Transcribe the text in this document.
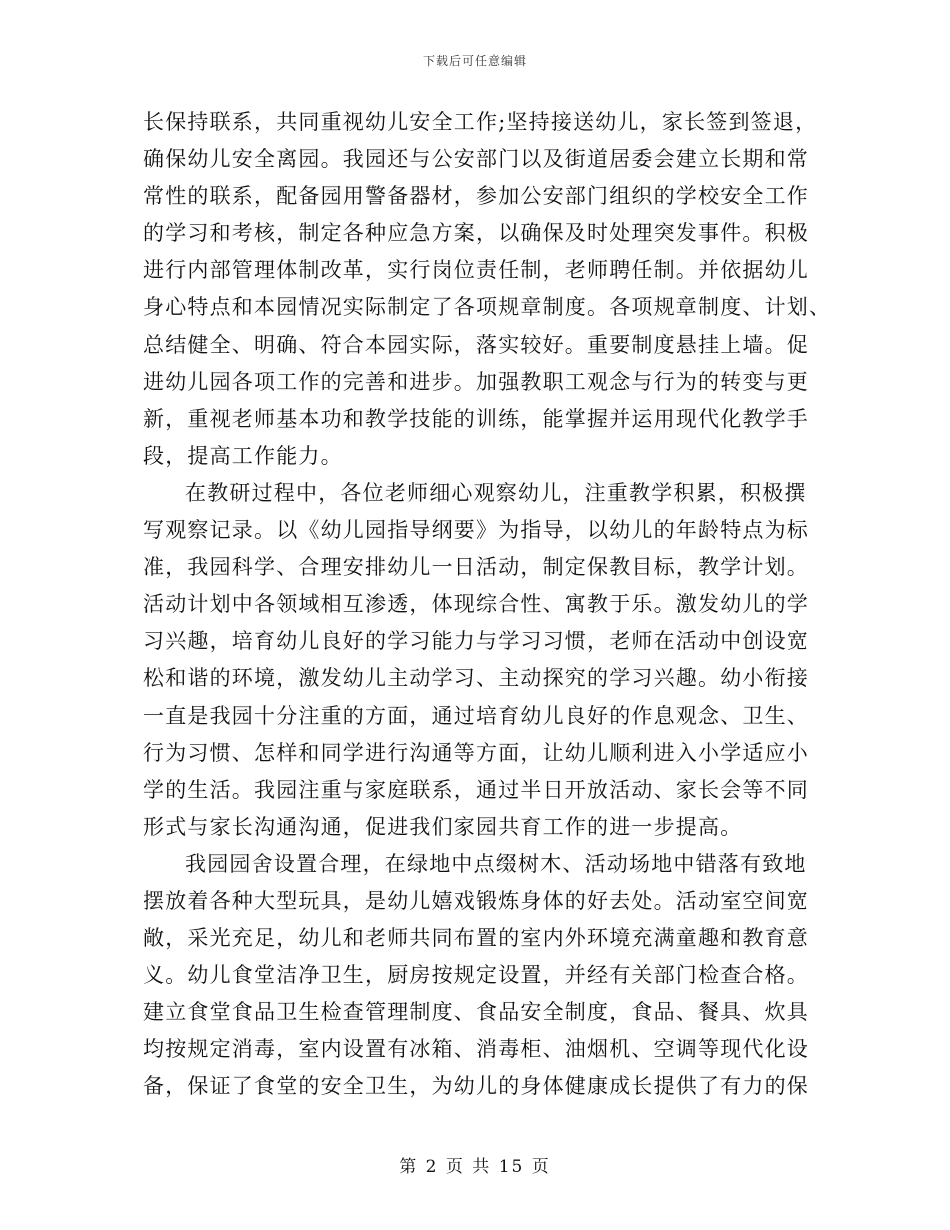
下载后可任意编辑
长保持联系，共同重视幼儿安全工作;坚持接送幼儿，家长签到签退，
确保幼儿安全离园。我园还与公安部门以及街道居委会建立长期和常
常性的联系，配备园用警备器材，参加公安部门组织的学校安全工作
的学习和考核，制定各种应急方案，以确保及时处理突发事件。积极
进行内部管理体制改革，实行岗位责任制，老师聘任制。并依据幼儿
身心特点和本园情况实际制定了各项规章制度。各项规章制度、计划、
总结健全、明确、符合本园实际，落实较好。重要制度悬挂上墙。促
进幼儿园各项工作的完善和进步。加强教职工观念与行为的转变与更
新，重视老师基本功和教学技能的训练，能掌握并运用现代化教学手
段，提高工作能力。
在教研过程中，各位老师细心观察幼儿，注重教学积累，积极撰
写观察记录。以《幼儿园指导纲要》为指导，以幼儿的年龄特点为标
准，我园科学、合理安排幼儿一日活动，制定保教目标，教学计划。
活动计划中各领域相互渗透，体现综合性、寓教于乐。激发幼儿的学
习兴趣，培育幼儿良好的学习能力与学习习惯，老师在活动中创设宽
松和谐的环境，激发幼儿主动学习、主动探究的学习兴趣。幼小衔接
一直是我园十分注重的方面，通过培育幼儿良好的作息观念、卫生、
行为习惯、怎样和同学进行沟通等方面，让幼儿顺利进入小学适应小
学的生活。我园注重与家庭联系，通过半日开放活动、家长会等不同
形式与家长沟通沟通，促进我们家园共育工作的进一步提高。
我园园舍设置合理，在绿地中点缀树木、活动场地中错落有致地
摆放着各种大型玩具，是幼儿嬉戏锻炼身体的好去处。活动室空间宽
敞，采光充足，幼儿和老师共同布置的室内外环境充满童趣和教育意
义。幼儿食堂洁净卫生，厨房按规定设置，并经有关部门检查合格。
建立食堂食品卫生检查管理制度、食品安全制度，食品、餐具、炊具
均按规定消毒，室内设置有冰箱、消毒柜、油烟机、空调等现代化设
备，保证了食堂的安全卫生，为幼儿的身体健康成长提供了有力的保
第 2 页 共 15 页
